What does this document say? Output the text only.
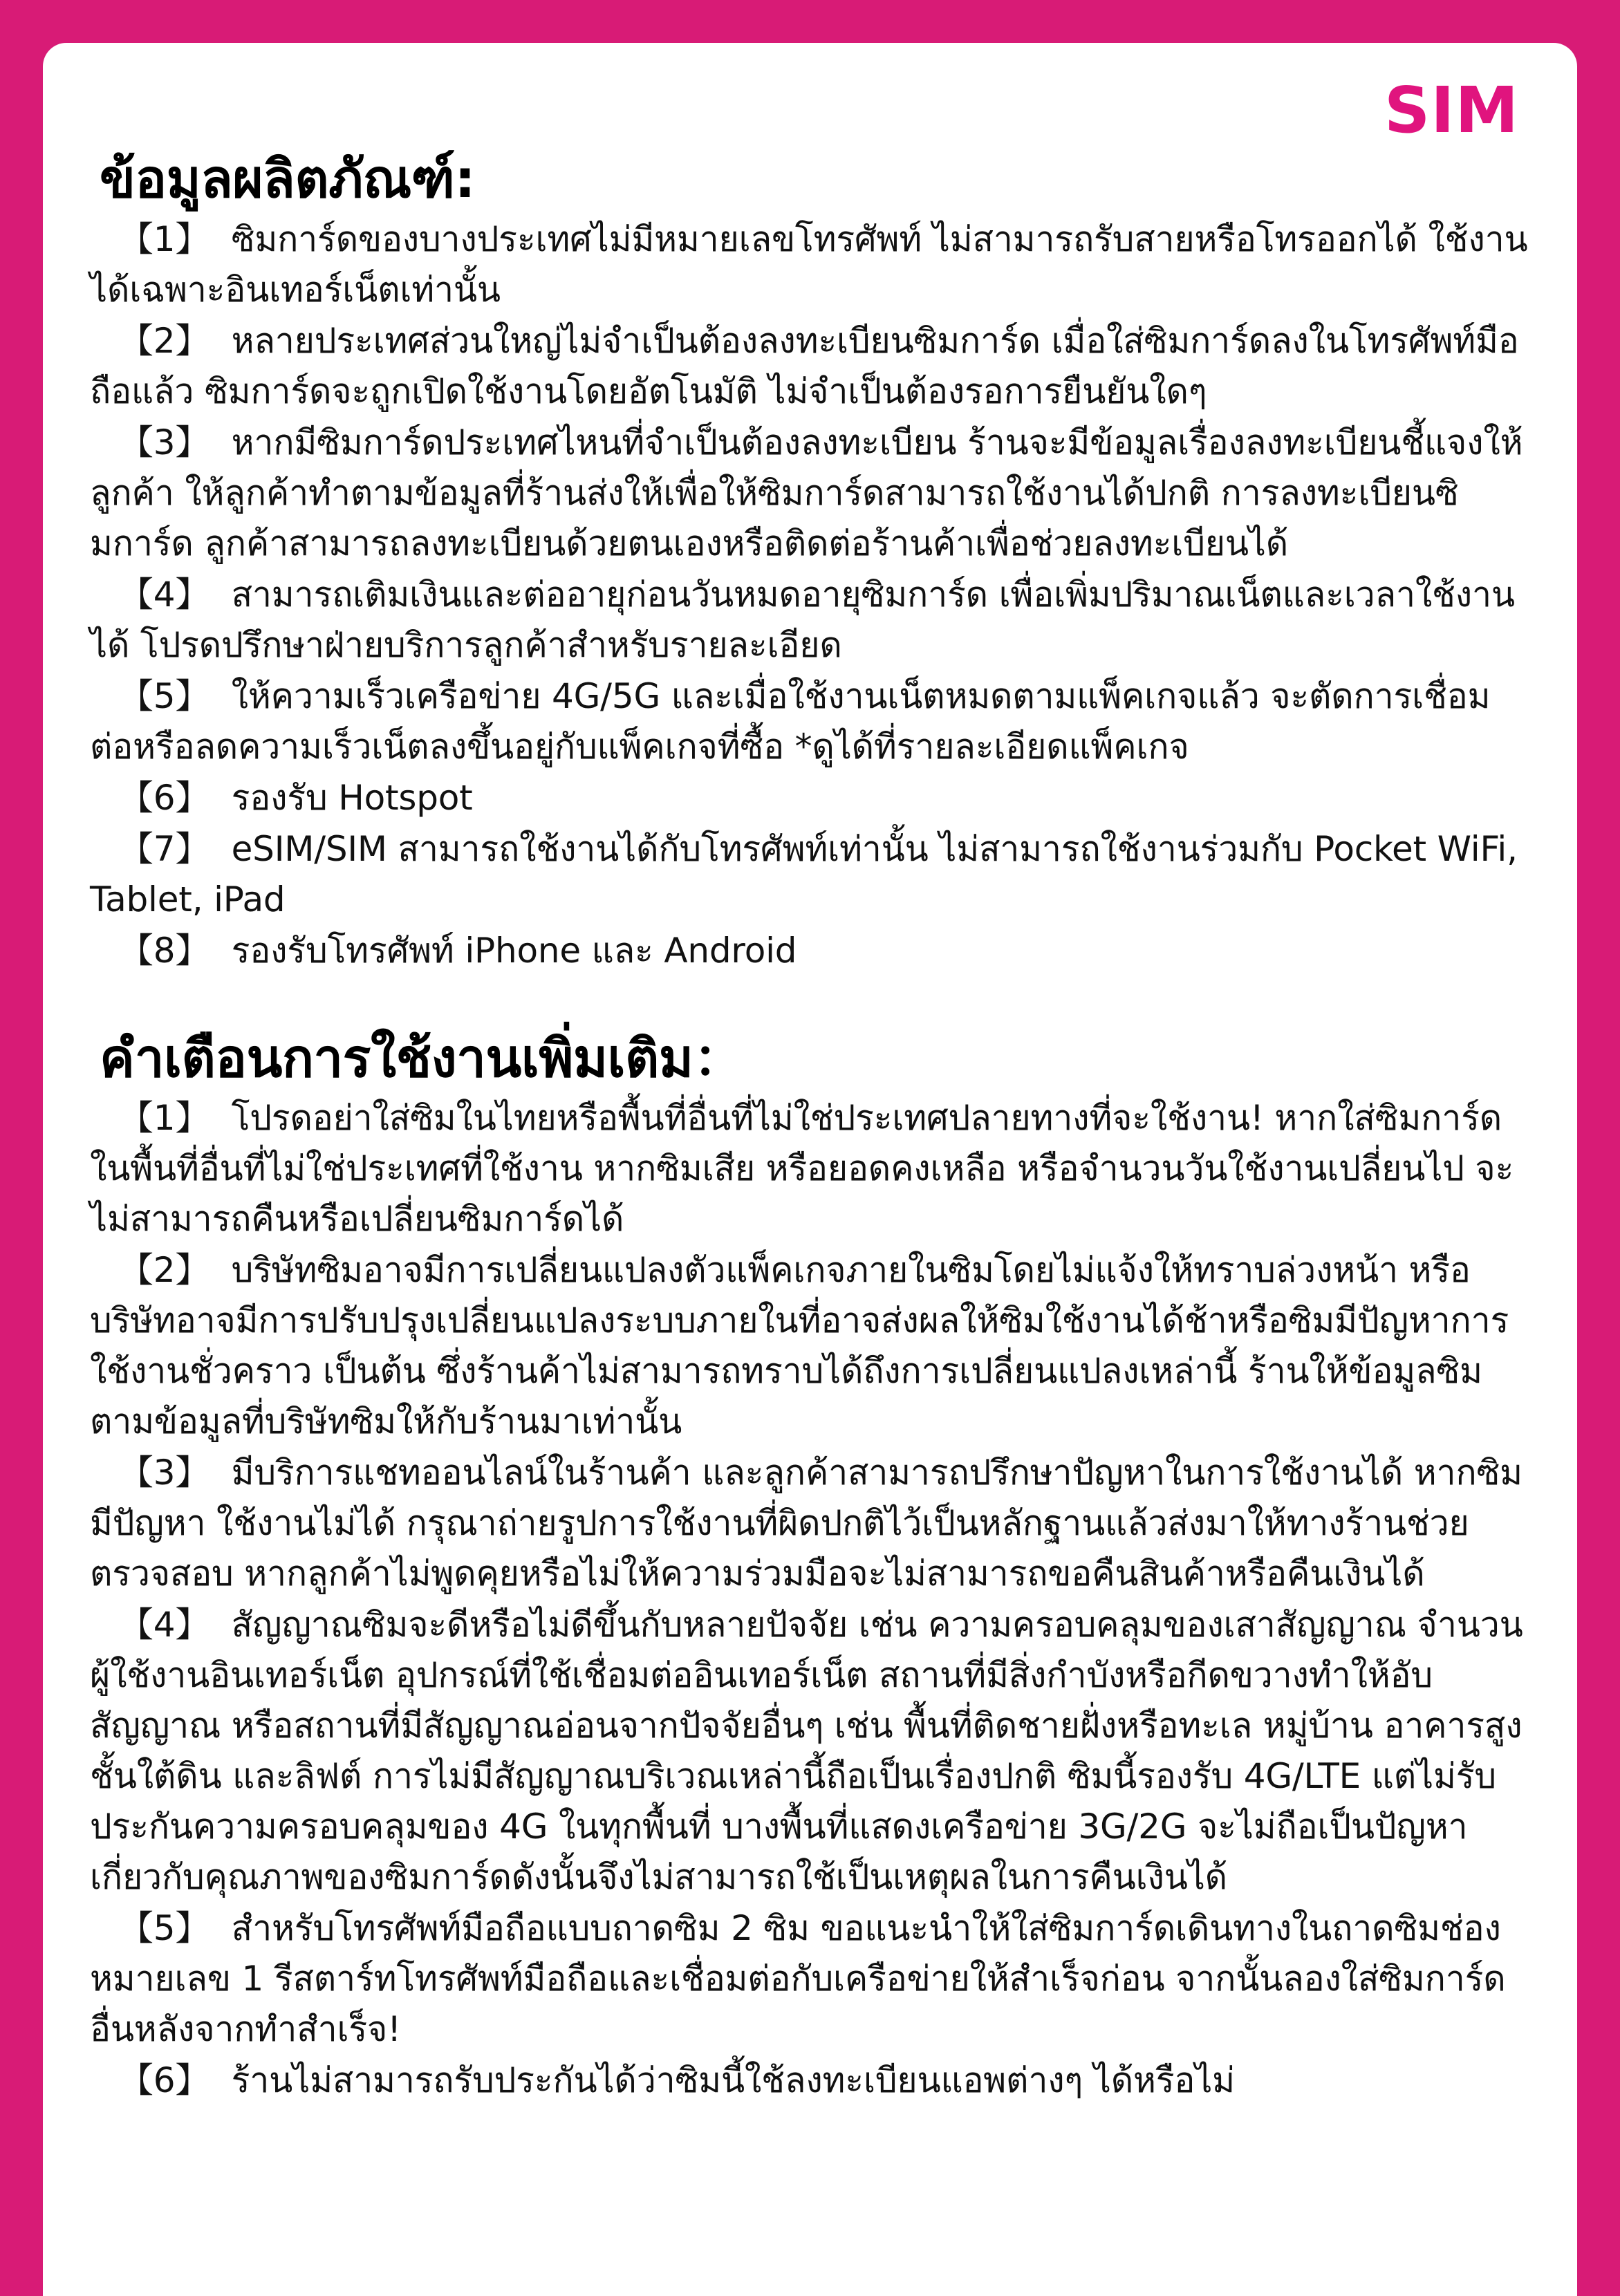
SIM
ข้อมูลผลิตภัณฑ์:
【1】 ซิมการ์ดของบางประเทศไม่มีหมายเลขโทรศัพท์ ไม่สามารถรับสายหรือโทรออกได้ ใช้งานได้เฉพาะอินเทอร์เน็ตเท่านั้น
【2】 หลายประเทศส่วนใหญ่ไม่จำเป็นต้องลงทะเบียนซิมการ์ด เมื่อใส่ซิมการ์ดลงในโทรศัพท์มือถือแล้ว ซิมการ์ดจะถูกเปิดใช้งานโดยอัตโนมัติ ไม่จำเป็นต้องรอการยืนยันใดๆ
【3】 หากมีซิมการ์ดประเทศไหนที่จำเป็นต้องลงทะเบียน ร้านจะมีข้อมูลเรื่องลงทะเบียนชี้แจงให้ลูกค้า ให้ลูกค้าทำตามข้อมูลที่ร้านส่งให้เพื่อให้ซิมการ์ดสามารถใช้งานได้ปกติ การลงทะเบียนซิมการ์ด ลูกค้าสามารถลงทะเบียนด้วยตนเองหรือติดต่อร้านค้าเพื่อช่วยลงทะเบียนได้
【4】 สามารถเติมเงินและต่ออายุก่อนวันหมดอายุซิมการ์ด เพื่อเพิ่มปริมาณเน็ตและเวลาใช้งานได้ โปรดปรึกษาฝ่ายบริการลูกค้าสำหรับรายละเอียด
【5】 ให้ความเร็วเครือข่าย 4G/5G และเมื่อใช้งานเน็ตหมดตามแพ็คเกจแล้ว จะตัดการเชื่อมต่อหรือลดความเร็วเน็ตลงขึ้นอยู่กับแพ็คเกจที่ซื้อ *ดูได้ที่รายละเอียดแพ็คเกจ
【6】 รองรับ Hotspot
【7】 eSIM/SIM สามารถใช้งานได้กับโทรศัพท์เท่านั้น ไม่สามารถใช้งานร่วมกับ Pocket WiFi, Tablet, iPad
【8】 รองรับโทรศัพท์ iPhone และ Android
คำเตือนการใช้งานเพิ่มเติม：
【1】 โปรดอย่าใส่ซิมในไทยหรือพื้นที่อื่นที่ไม่ใช่ประเทศปลายทางที่จะใช้งาน! หากใส่ซิมการ์ดในพื้นที่อื่นที่ไม่ใช่ประเทศที่ใช้งาน หากซิมเสีย หรือยอดคงเหลือ หรือจำนวนวันใช้งานเปลี่ยนไป จะไม่สามารถคืนหรือเปลี่ยนซิมการ์ดได้
【2】 บริษัทซิมอาจมีการเปลี่ยนแปลงตัวแพ็คเกจภายในซิมโดยไม่แจ้งให้ทราบล่วงหน้า หรือบริษัทอาจมีการปรับปรุงเปลี่ยนแปลงระบบภายในที่อาจส่งผลให้ซิมใช้งานได้ช้าหรือซิมมีปัญหาการใช้งานชั่วคราว เป็นต้น ซึ่งร้านค้าไม่สามารถทราบได้ถึงการเปลี่ยนแปลงเหล่านี้ ร้านให้ข้อมูลซิมตามข้อมูลที่บริษัทซิมให้กับร้านมาเท่านั้น
【3】 มีบริการแชทออนไลน์ในร้านค้า และลูกค้าสามารถปรึกษาปัญหาในการใช้งานได้ หากซิมมีปัญหา ใช้งานไม่ได้ กรุณาถ่ายรูปการใช้งานที่ผิดปกติไว้เป็นหลักฐานแล้วส่งมาให้ทางร้านช่วยตรวจสอบ หากลูกค้าไม่พูดคุยหรือไม่ให้ความร่วมมือจะไม่สามารถขอคืนสินค้าหรือคืนเงินได้
【4】 สัญญาณซิมจะดีหรือไม่ดีขึ้นกับหลายปัจจัย เช่น ความครอบคลุมของเสาสัญญาณ จำนวนผู้ใช้งานอินเทอร์เน็ต อุปกรณ์ที่ใช้เชื่อมต่ออินเทอร์เน็ต สถานที่มีสิ่งกำบังหรือกีดขวางทำให้อับสัญญาณ หรือสถานที่มีสัญญาณอ่อนจากปัจจัยอื่นๆ เช่น พื้นที่ติดชายฝั่งหรือทะเล หมู่บ้าน อาคารสูง ชั้นใต้ดิน และลิฟต์ การไม่มีสัญญาณบริเวณเหล่านี้ถือเป็นเรื่องปกติ ซิมนี้รองรับ 4G/LTE แต่ไม่รับประกันความครอบคลุมของ 4G ในทุกพื้นที่ บางพื้นที่แสดงเครือข่าย 3G/2G จะไม่ถือเป็นปัญหาเกี่ยวกับคุณภาพของซิมการ์ดดังนั้นจึงไม่สามารถใช้เป็นเหตุผลในการคืนเงินได้
【5】 สำหรับโทรศัพท์มือถือแบบถาดซิม 2 ซิม ขอแนะนำให้ใส่ซิมการ์ดเดินทางในถาดซิมช่องหมายเลข 1 รีสตาร์ทโทรศัพท์มือถือและเชื่อมต่อกับเครือข่ายให้สำเร็จก่อน จากนั้นลองใส่ซิมการ์ดอื่นหลังจากทำสำเร็จ!
【6】 ร้านไม่สามารถรับประกันได้ว่าซิมนี้ใช้ลงทะเบียนแอพต่างๆ ได้หรือไม่
